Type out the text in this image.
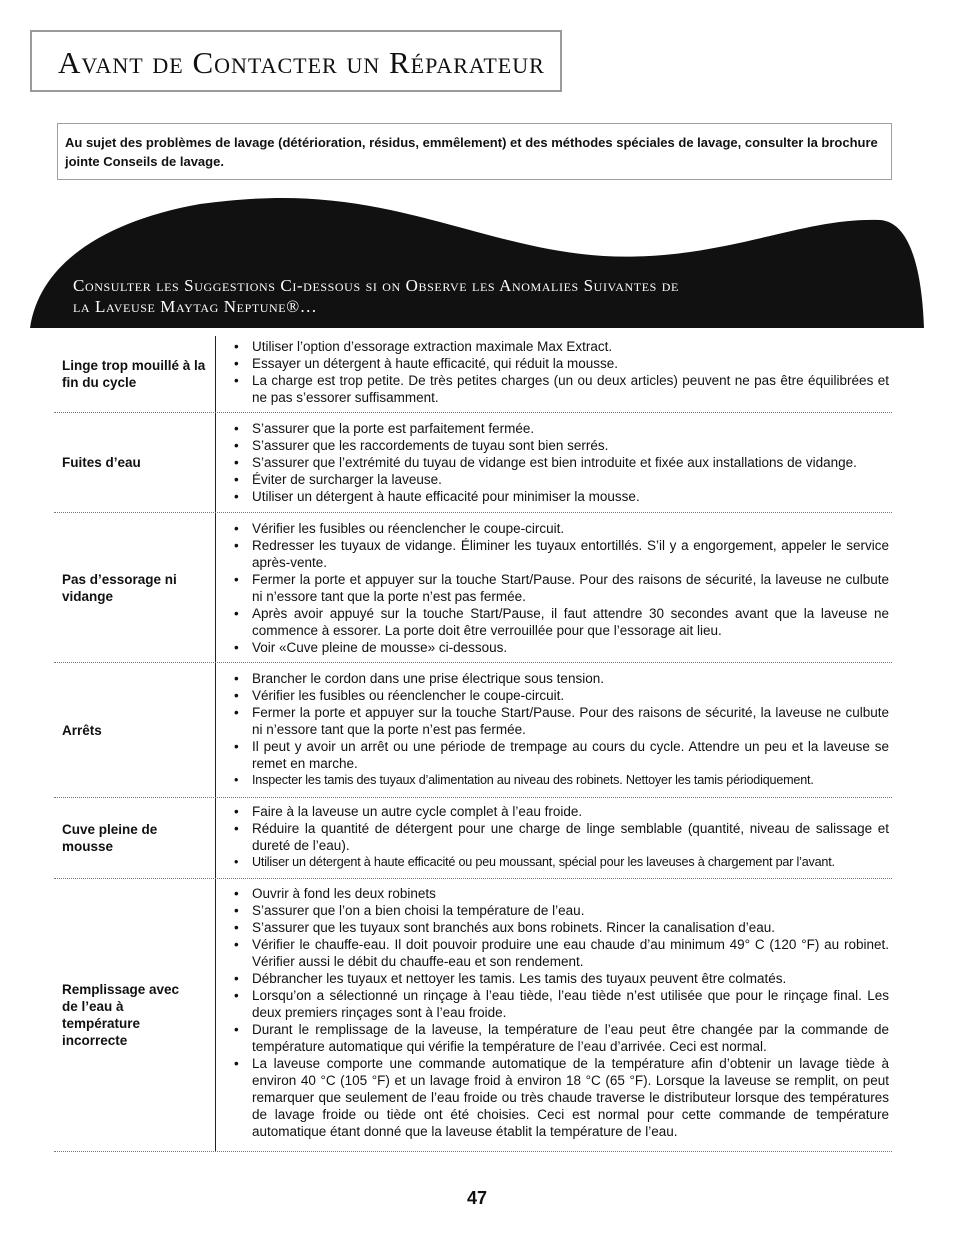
Avant de Contacter un Réparateur
Au sujet des problèmes de lavage (détérioration, résidus, emmêlement) et des méthodes spéciales de lavage, consulter la brochure jointe Conseils de lavage.
Consulter les Suggestions Ci-dessous si on Observe les Anomalies Suivantes de
la Laveuse Maytag Neptune®…
Linge trop mouillé à la fin du cycle
• Utiliser l’option d’essorage extraction maximale Max Extract.
• Essayer un détergent à haute efficacité, qui réduit la mousse.
• La charge est trop petite. De très petites charges (un ou deux articles) peuvent ne pas être équilibrées et ne pas s’essorer suffisamment.
Fuites d’eau
• S’assurer que la porte est parfaitement fermée.
• S’assurer que les raccordements de tuyau sont bien serrés.
• S’assurer que l’extrémité du tuyau de vidange est bien introduite et fixée aux installations de vidange.
• Éviter de surcharger la laveuse.
• Utiliser un détergent à haute efficacité pour minimiser la mousse.
Pas d’essorage ni vidange
• Vérifier les fusibles ou réenclencher le coupe-circuit.
• Redresser les tuyaux de vidange. Éliminer les tuyaux entortillés. S’il y a engorgement, appeler le service après-vente.
• Fermer la porte et appuyer sur la touche Start/Pause. Pour des raisons de sécurité, la laveuse ne culbute ni n’essore tant que la porte n’est pas fermée.
• Après avoir appuyé sur la touche Start/Pause, il faut attendre 30 secondes avant que la laveuse ne commence à essorer. La porte doit être verrouillée pour que l’essorage ait lieu.
• Voir «Cuve pleine de mousse» ci-dessous.
Arrêts
• Brancher le cordon dans une prise électrique sous tension.
• Vérifier les fusibles ou réenclencher le coupe-circuit.
• Fermer la porte et appuyer sur la touche Start/Pause. Pour des raisons de sécurité, la laveuse ne culbute ni n’essore tant que la porte n’est pas fermée.
• Il peut y avoir un arrêt ou une période de trempage au cours du cycle. Attendre un peu et la laveuse se remet en marche.
• Inspecter les tamis des tuyaux d’alimentation au niveau des robinets. Nettoyer les tamis périodiquement.
Cuve pleine de mousse
• Faire à la laveuse un autre cycle complet à l’eau froide.
• Réduire la quantité de détergent pour une charge de linge semblable (quantité, niveau de salissage et dureté de l’eau).
• Utiliser un détergent à haute efficacité ou peu moussant, spécial pour les laveuses à chargement par l’avant.
Remplissage avec de l’eau à température incorrecte
• Ouvrir à fond les deux robinets
• S’assurer que l’on a bien choisi la température de l’eau.
• S’assurer que les tuyaux sont branchés aux bons robinets. Rincer la canalisation d’eau.
• Vérifier le chauffe-eau. Il doit pouvoir produire une eau chaude d’au minimum 49° C (120 °F) au robinet. Vérifier aussi le débit du chauffe-eau et son rendement.
• Débrancher les tuyaux et nettoyer les tamis. Les tamis des tuyaux peuvent être colmatés.
• Lorsqu’on a sélectionné un rinçage à l’eau tiède, l’eau tiède n’est utilisée que pour le rinçage final. Les deux premiers rinçages sont à l’eau froide.
• Durant le remplissage de la laveuse, la température de l’eau peut être changée par la commande de température automatique qui vérifie la température de l’eau d’arrivée. Ceci est normal.
• La laveuse comporte une commande automatique de la température afin d’obtenir un lavage tiède à environ 40 °C (105 °F) et un lavage froid à environ 18 °C (65 °F). Lorsque la laveuse se remplit, on peut remarquer que seulement de l’eau froide ou très chaude traverse le distributeur lorsque des températures de lavage froide ou tiède ont été choisies. Ceci est normal pour cette commande de température automatique étant donné que la laveuse établit la température de l’eau.
47
